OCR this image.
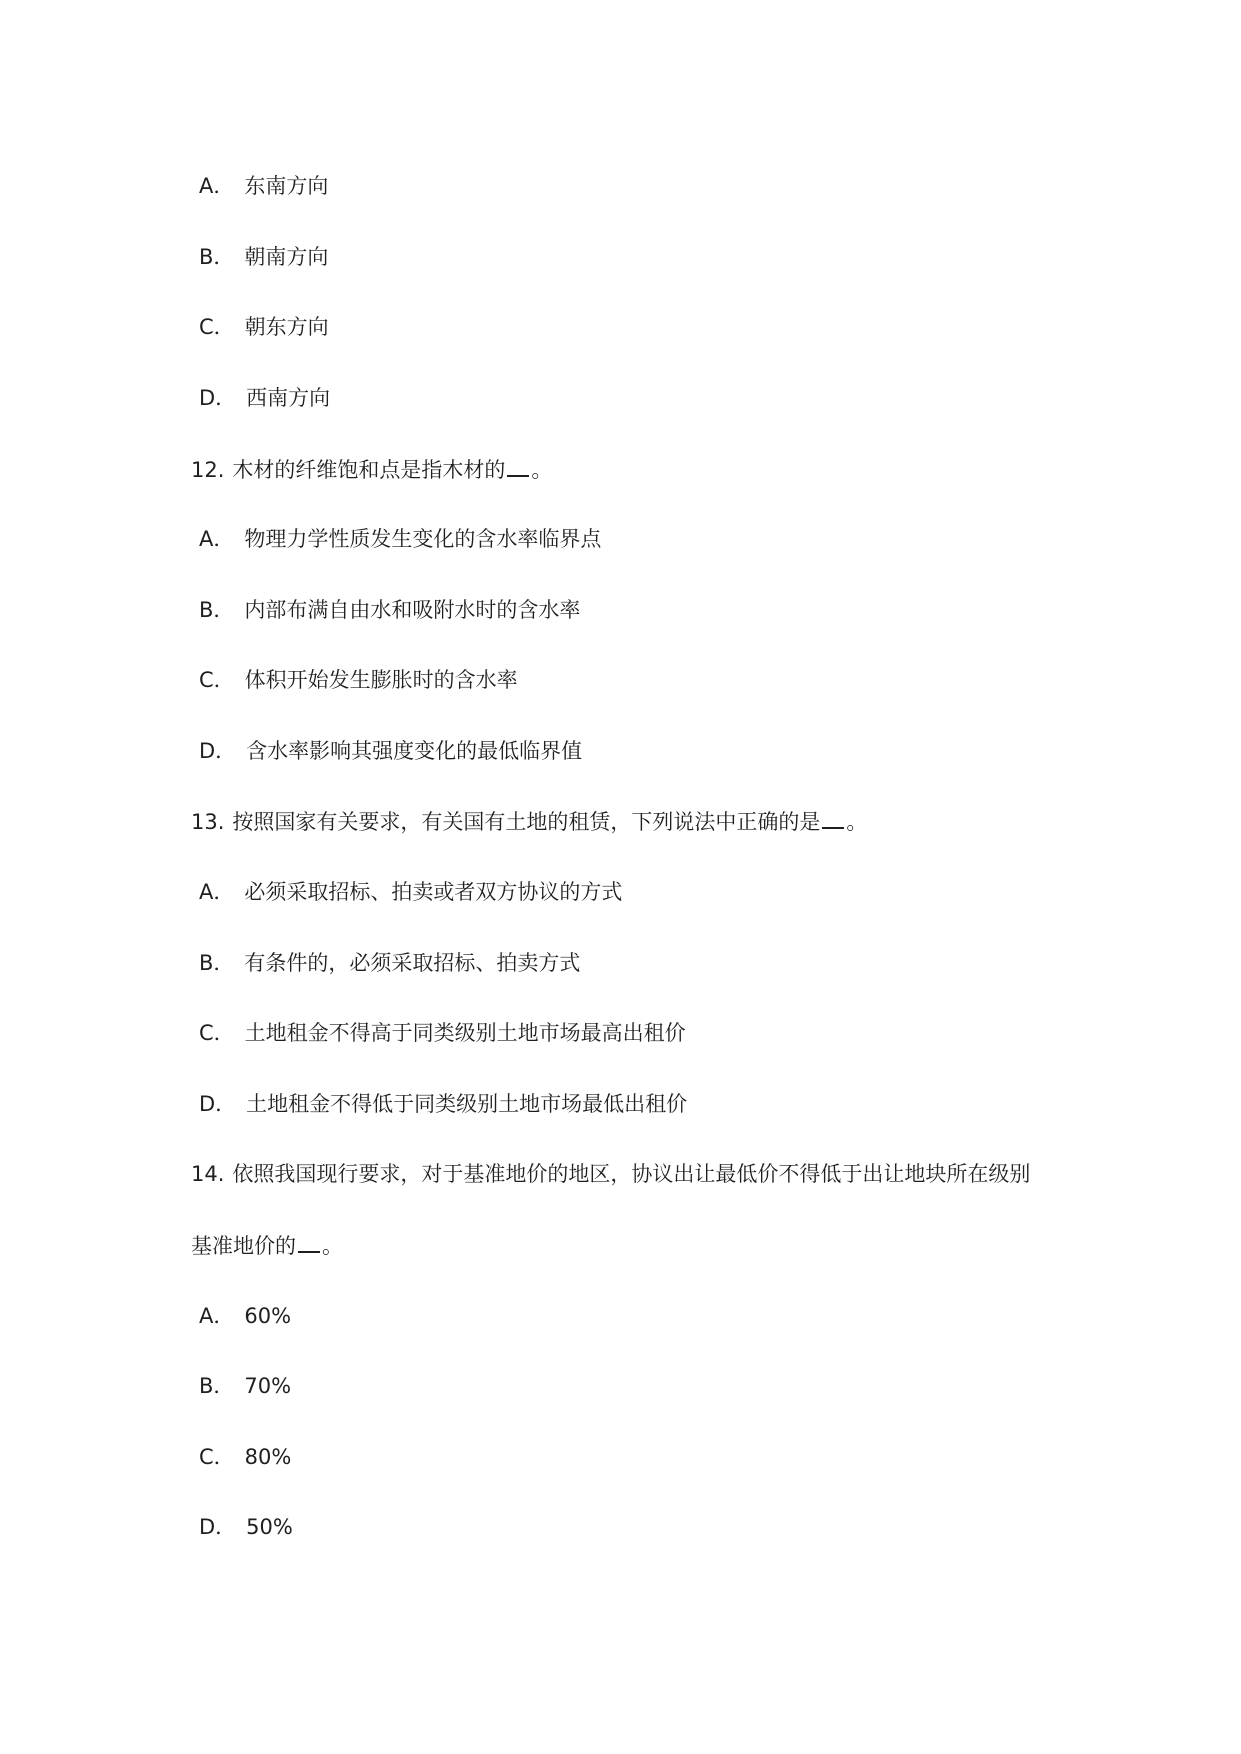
A． 东南方向
B． 朝南方向
C． 朝东方向
D． 西南方向
12. 木材的纤维饱和点是指木材的 。
A． 物理力学性质发生变化的含水率临界点
B． 内部布满自由水和吸附水时的含水率
C． 体积开始发生膨胀时的含水率
D． 含水率影响其强度变化的最低临界值
13. 按照国家有关要求，有关国有土地的租赁，下列说法中正确的是 。
A． 必须采取招标、拍卖或者双方协议的方式
B． 有条件的，必须采取招标、拍卖方式
C． 土地租金不得高于同类级别土地市场最高出租价
D． 土地租金不得低于同类级别土地市场最低出租价
14. 依照我国现行要求，对于基准地价的地区，协议出让最低价不得低于出让地块所在级别
基准地价的 。
A． 60%
B． 70%
C． 80%
D． 50%
